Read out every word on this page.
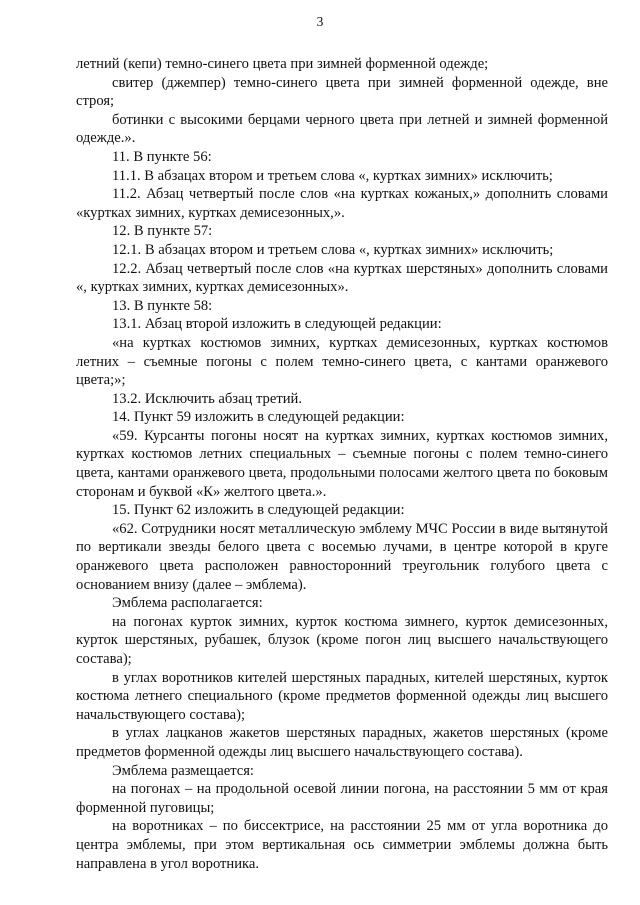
3

летний (кепи) темно-синего цвета при зимней форменной одежде;

свитер (джемпер) темно-синего цвета при зимней форменной одежде, вне строя;

ботинки с высокими берцами черного цвета при летней и зимней форменной одежде.».

11. В пункте 56:

11.1. В абзацах втором и третьем слова «, куртках зимних» исключить;

11.2. Абзац четвертый после слов «на куртках кожаных,» дополнить словами «куртках зимних, куртках демисезонных,».

12. В пункте 57:

12.1. В абзацах втором и третьем слова «, куртках зимних» исключить;

12.2. Абзац четвертый после слов «на куртках шерстяных» дополнить словами «, куртках зимних, куртках демисезонных».

13. В пункте 58:

13.1. Абзац второй изложить в следующей редакции:

«на куртках костюмов зимних, куртках демисезонных, куртках костюмов летних – съемные погоны с полем темно-синего цвета, с кантами оранжевого цвета;»;

13.2. Исключить абзац третий.

14. Пункт 59 изложить в следующей редакции:

«59. Курсанты погоны носят на куртках зимних, куртках костюмов зимних, куртках костюмов летних специальных – съемные погоны с полем темно-синего цвета, кантами оранжевого цвета, продольными полосами желтого цвета по боковым сторонам и буквой «К» желтого цвета.».

15. Пункт 62 изложить в следующей редакции:

«62. Сотрудники носят металлическую эмблему МЧС России в виде вытянутой по вертикали звезды белого цвета с восемью лучами, в центре которой в круге оранжевого цвета расположен равносторонний треугольник голубого цвета с основанием внизу (далее – эмблема).

Эмблема располагается:

на погонах курток зимних, курток костюма зимнего, курток демисезонных, курток шерстяных, рубашек, блузок (кроме погон лиц высшего начальствующего состава);

в углах воротников кителей шерстяных парадных, кителей шерстяных, курток костюма летнего специального (кроме предметов форменной одежды лиц высшего начальствующего состава);

в углах лацканов жакетов шерстяных парадных, жакетов шерстяных (кроме предметов форменной одежды лиц высшего начальствующего состава).

Эмблема размещается:

на погонах – на продольной осевой линии погона, на расстоянии 5 мм от края форменной пуговицы;

на воротниках – по биссектрисе, на расстоянии 25 мм от угла воротника до центра эмблемы, при этом вертикальная ось симметрии эмблемы должна быть направлена в угол воротника.
